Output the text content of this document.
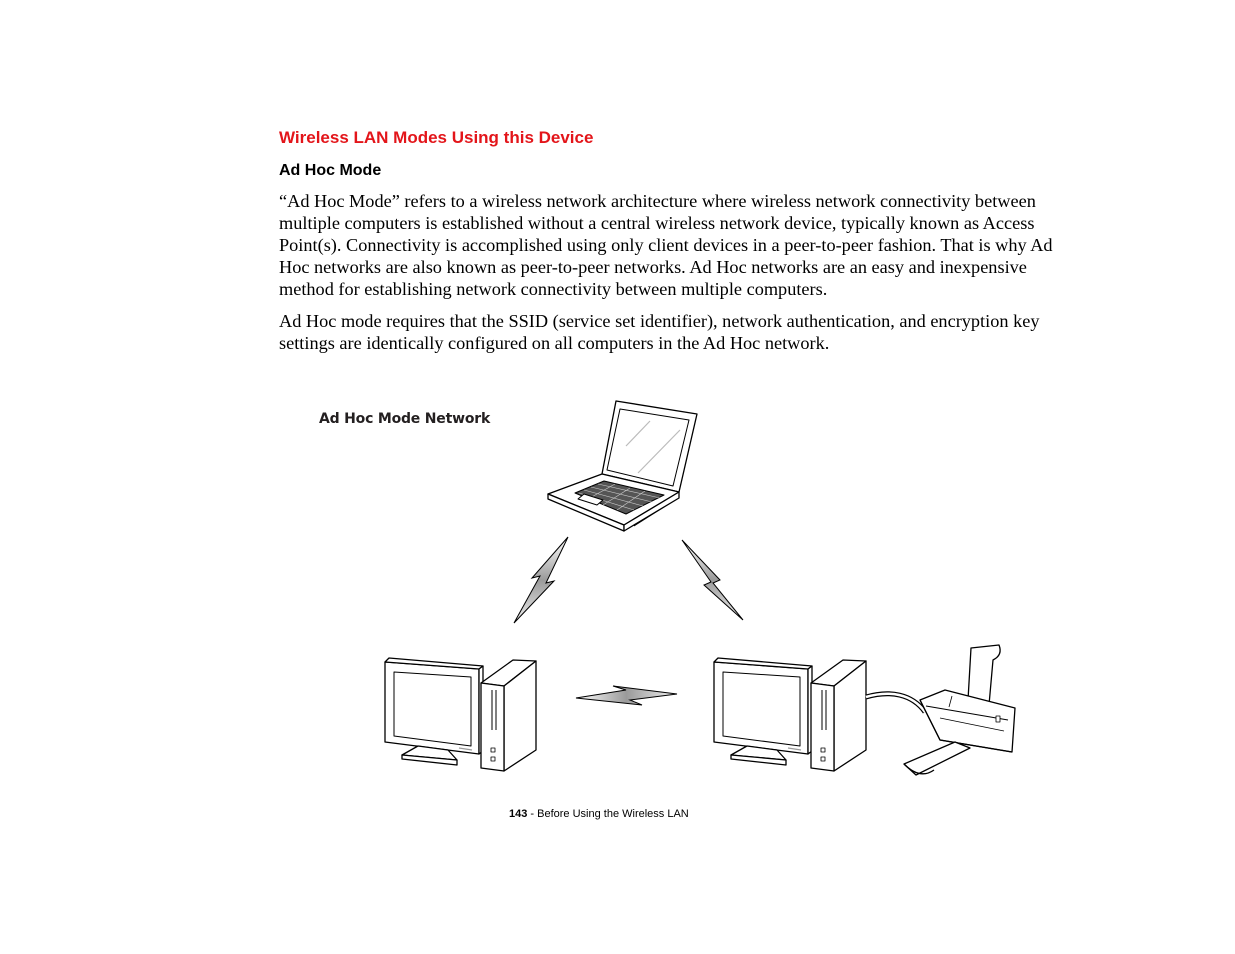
Wireless LAN Modes Using this Device
Ad Hoc Mode

“Ad Hoc Mode” refers to a wireless network architecture where wireless network connectivity between multiple computers is established without a central wireless network device, typically known as Access Point(s). Connectivity is accomplished using only client devices in a peer-to-peer fashion. That is why Ad Hoc networks are also known as peer-to-peer networks. Ad Hoc networks are an easy and inexpensive method for establishing network connectivity between multiple computers.

Ad Hoc mode requires that the SSID (service set identifier), network authentication, and encryption key settings are identically configured on all computers in the Ad Hoc network.

Ad Hoc Mode Network
143 - Before Using the Wireless LAN
